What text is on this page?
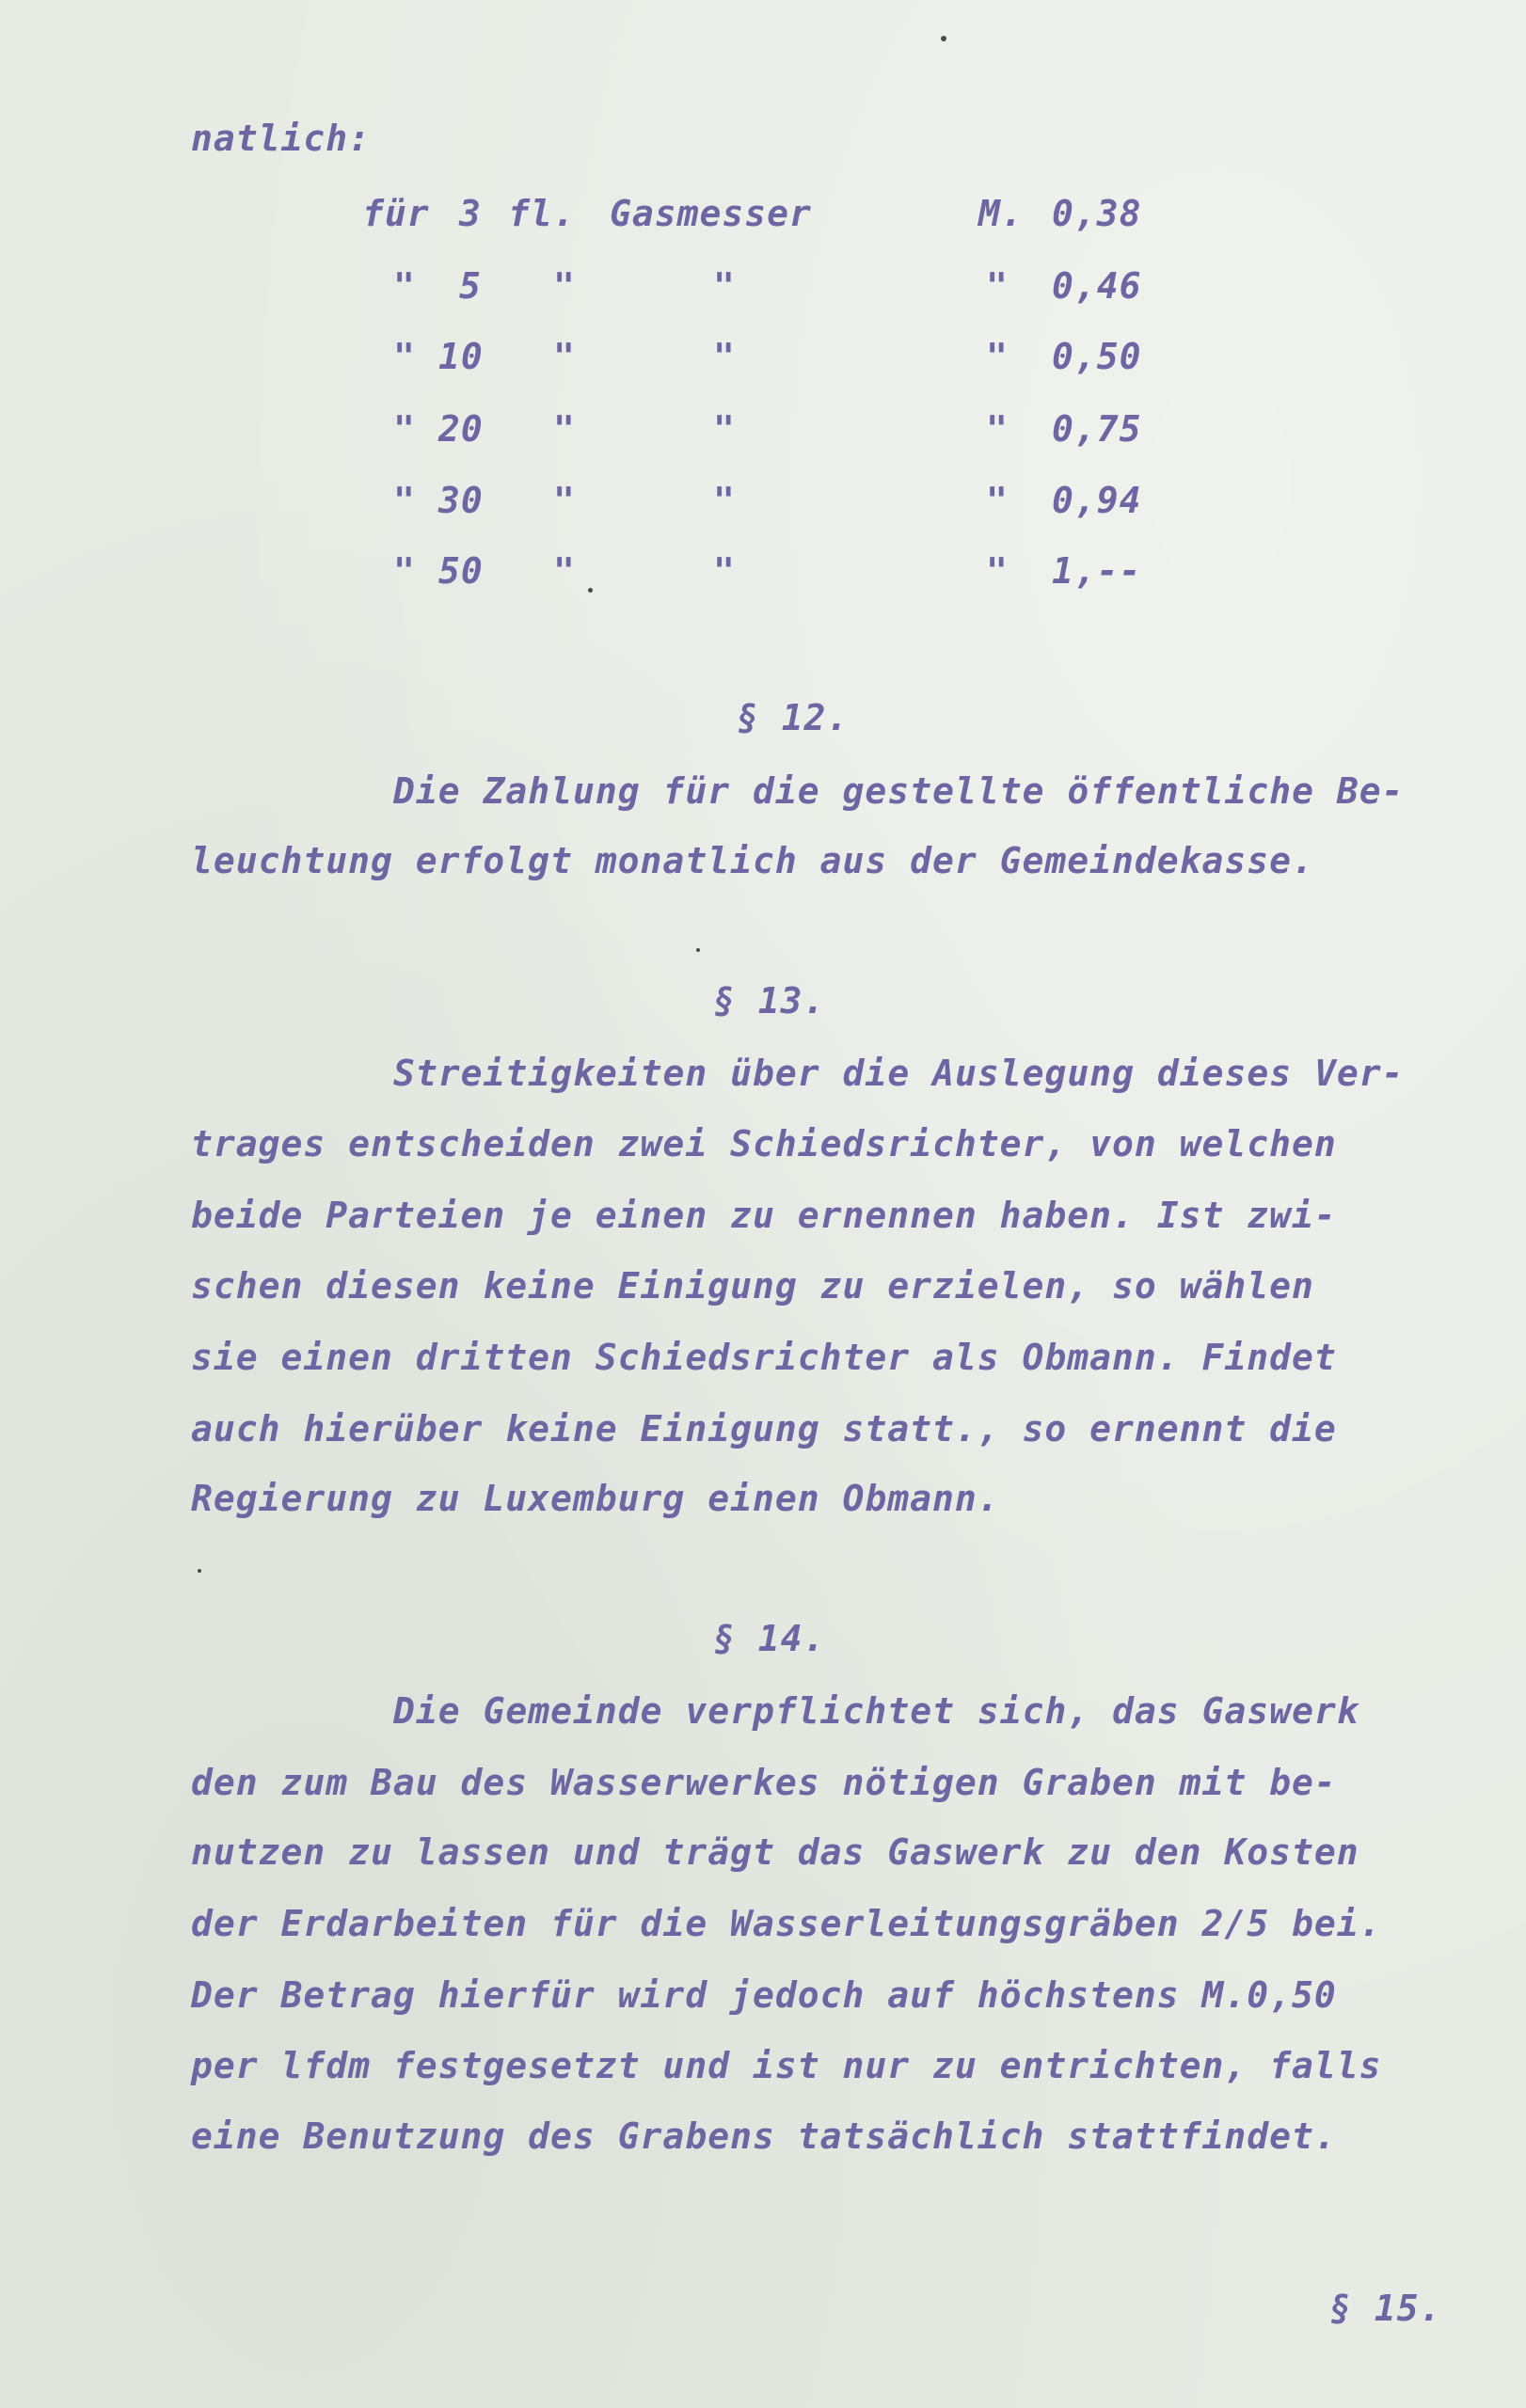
natlich:
für 3 fl. Gasmesser	M. 0,38
" 5 "	"	" 0,46
" 10 "	"	" 0,50
" 20 "	"	" 0,75
" 30 "	"	" 0,94
" 50 "	"	" 1,--
§ 12.
Die Zahlung für die gestellte öffentliche Be-
leuchtung erfolgt monatlich aus der Gemeindekasse.
§ 13.
Streitigkeiten über die Auslegung dieses Ver-
trages entscheiden zwei Schiedsrichter, von welchen
beide Parteien je einen zu ernennen haben. Ist zwi-
schen diesen keine Einigung zu erzielen, so wählen
sie einen dritten Schiedsrichter als Obmann. Findet
auch hierüber keine Einigung statt., so ernennt die
Regierung zu Luxemburg einen Obmann.
§ 14.
Die Gemeinde verpflichtet sich, das Gaswerk
den zum Bau des Wasserwerkes nötigen Graben mit be-
nutzen zu lassen und trägt das Gaswerk zu den Kosten
der Erdarbeiten für die Wasserleitungsgräben 2/5 bei.
Der Betrag hierfür wird jedoch auf höchstens M.0,50
per lfdm festgesetzt und ist nur zu entrichten, falls
eine Benutzung des Grabens tatsächlich stattfindet.
§ 15.
